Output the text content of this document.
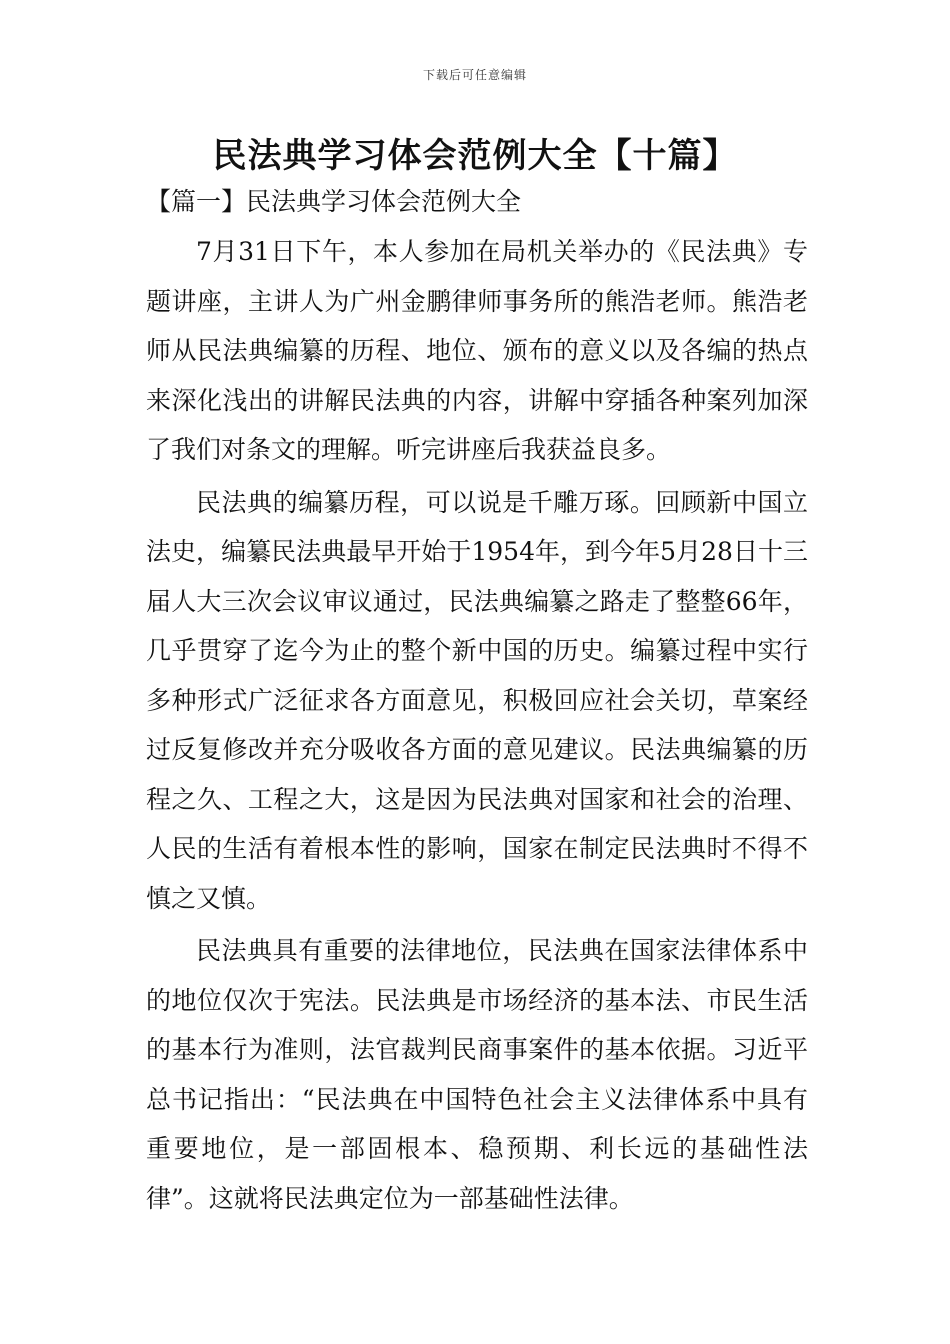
下载后可任意编辑
民法典学习体会范例大全【十篇】
【篇一】民法典学习体会范例大全

7月31日下午，本人参加在局机关举办的《民法典》专题讲座，主讲人为广州金鹏律师事务所的熊浩老师。熊浩老师从民法典编纂的历程、地位、颁布的意义以及各编的热点来深化浅出的讲解民法典的内容，讲解中穿插各种案列加深了我们对条文的理解。听完讲座后我获益良多。

民法典的编纂历程，可以说是千雕万琢。回顾新中国立法史，编纂民法典最早开始于1954年，到今年5月28日十三届人大三次会议审议通过，民法典编纂之路走了整整66年，几乎贯穿了迄今为止的整个新中国的历史。编纂过程中实行多种形式广泛征求各方面意见，积极回应社会关切，草案经过反复修改并充分吸收各方面的意见建议。民法典编纂的历程之久、工程之大，这是因为民法典对国家和社会的治理、人民的生活有着根本性的影响，国家在制定民法典时不得不慎之又慎。

民法典具有重要的法律地位，民法典在国家法律体系中的地位仅次于宪法。民法典是市场经济的基本法、市民生活的基本行为准则，法官裁判民商事案件的基本依据。习近平总书记指出：“民法典在中国特色社会主义法律体系中具有重要地位，是一部固根本、稳预期、利长远的基础性法律”。这就将民法典定位为一部基础性法律。
